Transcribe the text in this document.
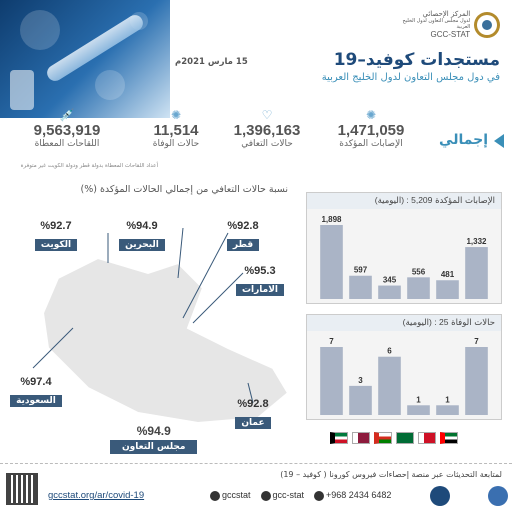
المركز الإحصائي
لدول مجلس التعاون لدول الخليج العربية
GCC-STAT
مستجدات كوفيد–19
في دول مجلس التعاون لدول الخليج العربية
15 مارس 2021م
إجمالي
✺
1,471,059
الإصابات المؤكدة
♡
1,396,163
حالات التعافي
✺
11,514
حالات الوفاة
💉
9,563,919
اللقاحات المعطاة
أعداد اللقاحات المعطاة بدولة قطر ودولة الكويت غير متوفرة
نسبة حالات التعافي من إجمالي الحالات المؤكدة (%)
%92.7
الكويت
%94.9
البحرين
%92.8
قطر
%95.3
الامارات
%97.4
السعودية	%92.8
عمان
%94.9
مجلس التعاون
الإصابات المؤكدة (اليومية) : 5,209
1,898
597
345
556 481
1,332
حالات الوفاة (اليومية) : 25
7
3
6
1	1
7
لمتابعة التحديثات عبر منصة إحصاءات فيروس كورونا ( كوفيد – 19)
gccstat.org/ar/covid-19	gccstat	gcc-stat	+968 2434 6482
